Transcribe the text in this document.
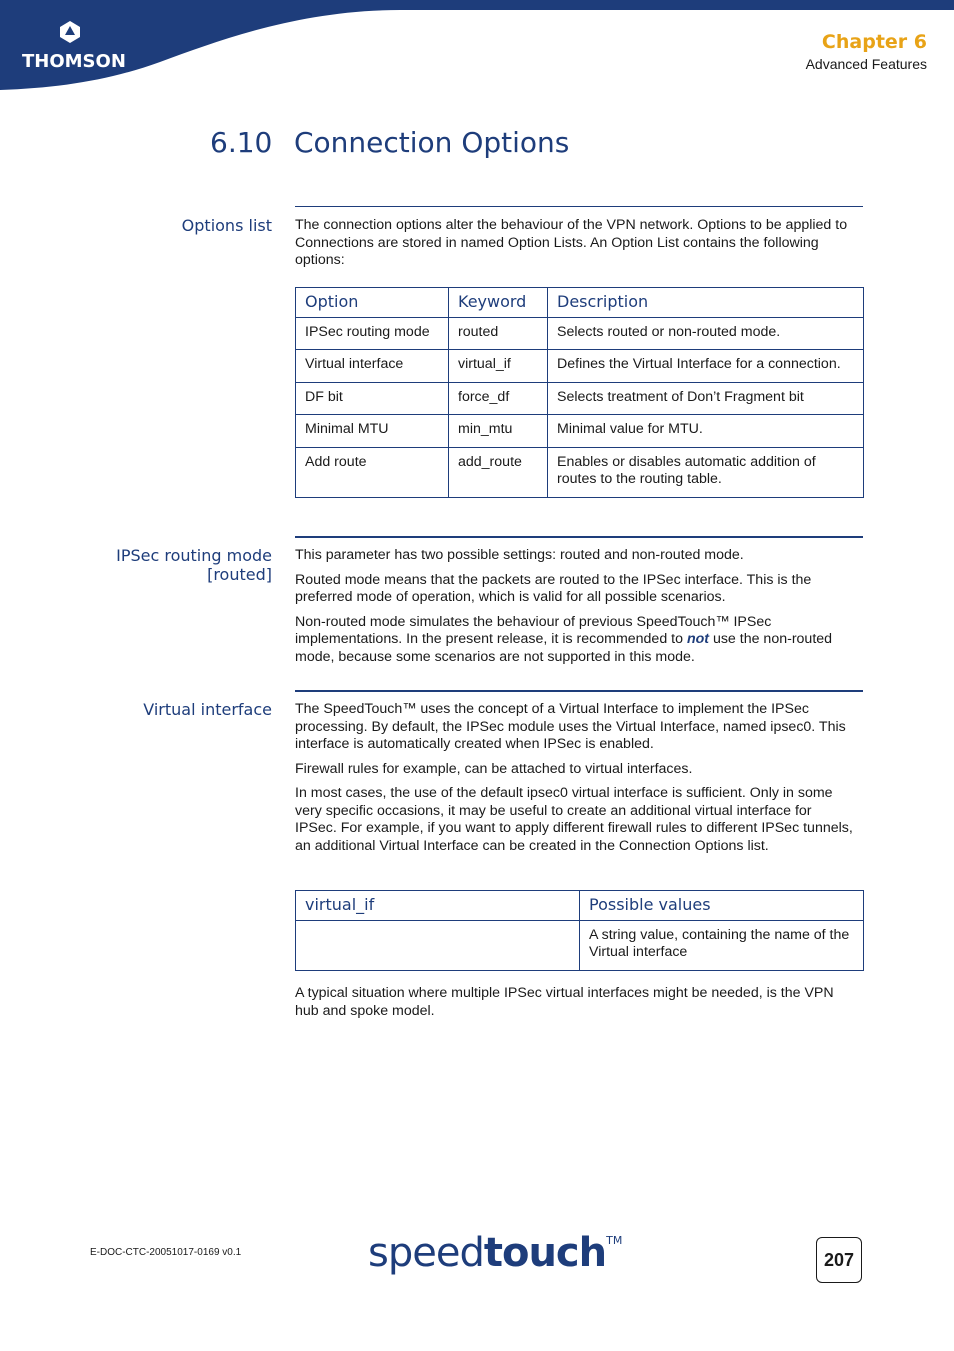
THOMSON
Chapter 6
Advanced Features
6.10 Connection Options
Options list The connection options alter the behaviour of the VPN network. Options to be applied to Connections are stored in named Option Lists. An Option List contains the following options:

Option	Keyword	Description
IPSec routing mode	routed	Selects routed or non-routed mode.
Virtual interface	virtual_if	Defines the Virtual Interface for a connection.
DF bit	force_df	Selects treatment of Don’t Fragment bit
Minimal MTU	min_mtu	Minimal value for MTU.
Add route	add_route	Enables or disables automatic addition of routes to the routing table.
IPSec routing mode
[routed]

This parameter has two possible settings: routed and non-routed mode.

Routed mode means that the packets are routed to the IPSec interface. This is the preferred mode of operation, which is valid for all possible scenarios.

Non-routed mode simulates the behaviour of previous SpeedTouch™ IPSec implementations. In the present release, it is recommended to not use the non-routed mode, because some scenarios are not supported in this mode.

Virtual interface The SpeedTouch™ uses the concept of a Virtual Interface to implement the IPSec processing. By default, the IPSec module uses the Virtual Interface, named ipsec0. This interface is automatically created when IPSec is enabled.

Firewall rules for example, can be attached to virtual interfaces.

In most cases, the use of the default ipsec0 virtual interface is sufficient. Only in some very specific occasions, it may be useful to create an additional virtual interface for IPSec. For example, if you want to apply different firewall rules to different IPSec tunnels, an additional Virtual Interface can be created in the Connection Options list.

virtual_if	Possible values
	A string value, containing the name of the Virtual interface

A typical situation where multiple IPSec virtual interfaces might be needed, is the VPN hub and spoke model.

E-DOC-CTC-20051017-0169 v0.1	speedtouch™
207
